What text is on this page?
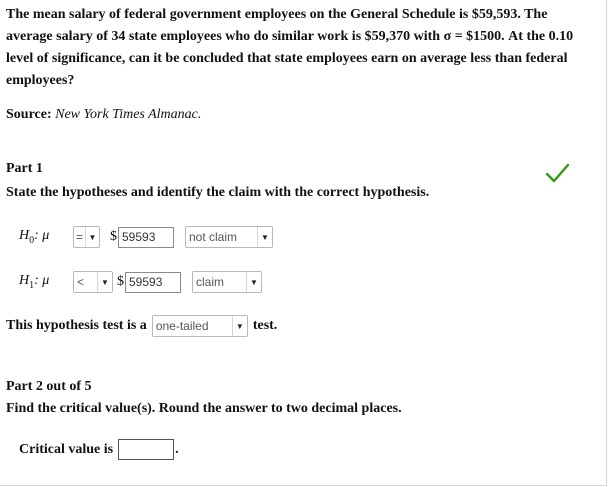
The mean salary of federal government employees on the General Schedule is $59,593. The average salary of 34 state employees who do similar work is $59,370 with σ = $1500. At the 0.10 level of significance, can it be concluded that state employees earn on average less than federal employees?
Source: New York Times Almanac.
Part 1
State the hypotheses and identify the claim with the correct hypothesis.
$H_0$: μ	= ▼ $ 59593	not claim	▼
$H_1$: μ	<	▼ $ 59593	claim	▼
This hypothesis test is a one-tailed	▼ test.
Part 2 out of 5
Find the critical value(s). Round the answer to two decimal places.
Critical value is	.
